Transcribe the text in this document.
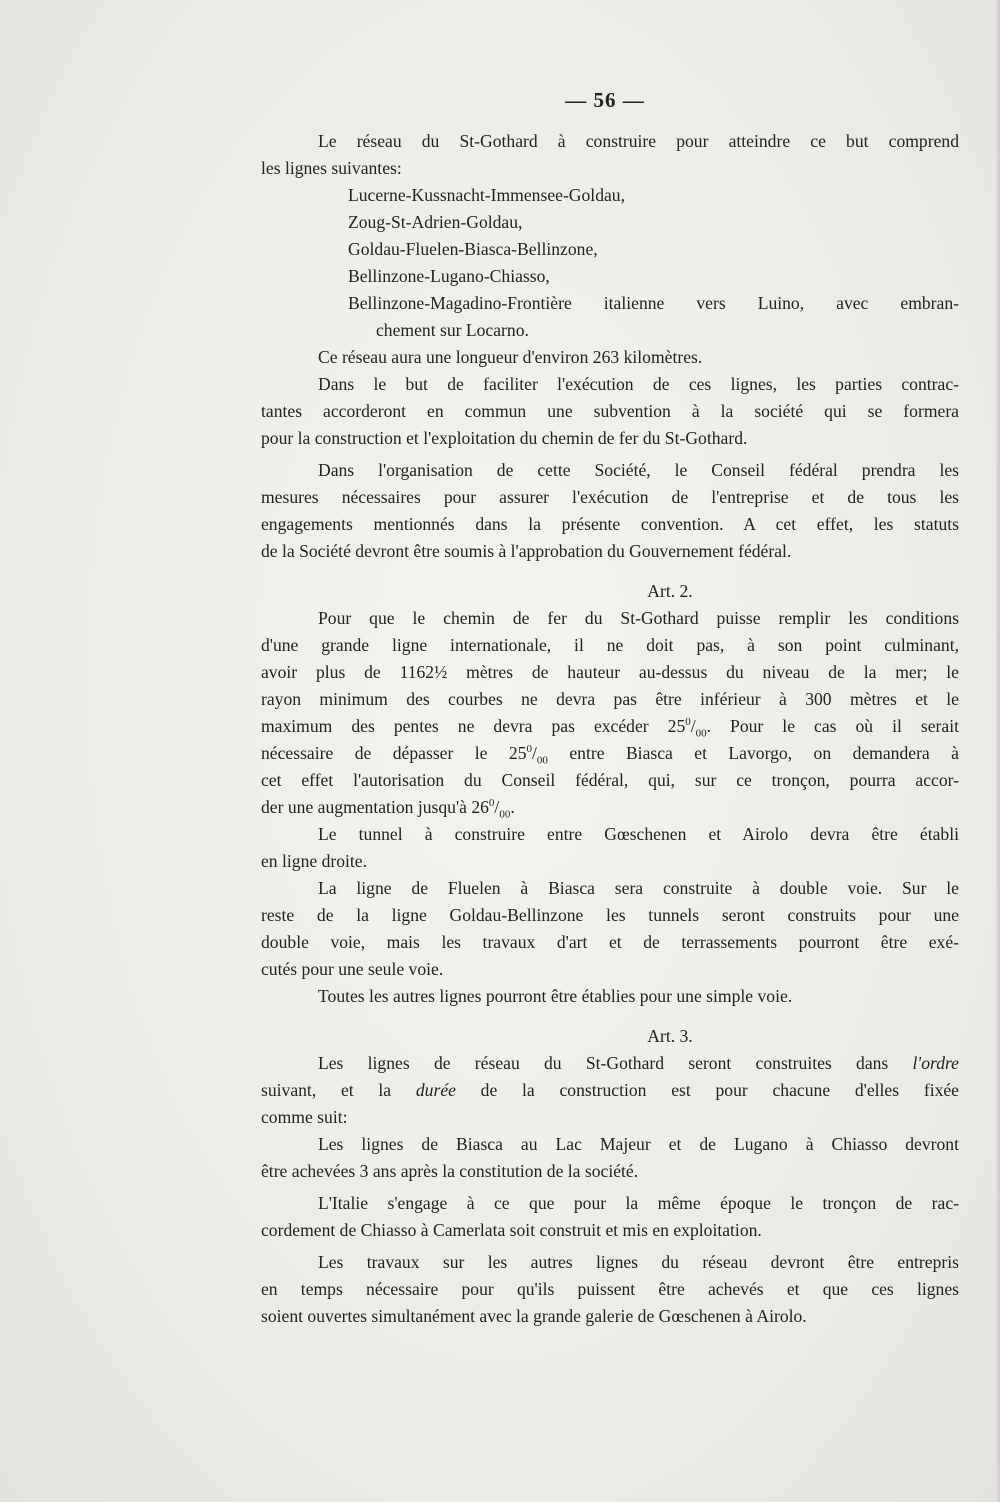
— 56 —

Le réseau du St-Gothard à construire pour atteindre ce but comprend

les lignes suivantes:

Lucerne-Kussnacht-Immensee-Goldau,

Zoug-St-Adrien-Goldau,

Goldau-Fluelen-Biasca-Bellinzone,

Bellinzone-Lugano-Chiasso,

Bellinzone-Magadino-Frontière italienne vers Luino, avec embran-

chement sur Locarno.

Ce réseau aura une longueur d'environ 263 kilomètres.

Dans le but de faciliter l'exécution de ces lignes, les parties contrac-

tantes accorderont en commun une subvention à la société qui se formera

pour la construction et l'exploitation du chemin de fer du St-Gothard.

Dans l'organisation de cette Société, le Conseil fédéral prendra les

mesures nécessaires pour assurer l'exécution de l'entreprise et de tous les

engagements mentionnés dans la présente convention. A cet effet, les statuts

de la Société devront être soumis à l'approbation du Gouvernement fédéral.

Art. 2.

Pour que le chemin de fer du St-Gothard puisse remplir les conditions

d'une grande ligne internationale, il ne doit pas, à son point culminant,

avoir plus de 1162½ mètres de hauteur au-dessus du niveau de la mer; le

rayon minimum des courbes ne devra pas être inférieur à 300 mètres et le

maximum des pentes ne devra pas excéder $25^0/_{00}$. Pour le cas où il serait

nécessaire de dépasser le $25^0/_{00}$ entre Biasca et Lavorgo, on demandera à

cet effet l'autorisation du Conseil fédéral, qui, sur ce tronçon, pourra accor-

der une augmentation jusqu'à $26^0/_{00}$.

Le tunnel à construire entre Gœschenen et Airolo devra être établi

en ligne droite.

La ligne de Fluelen à Biasca sera construite à double voie. Sur le

reste de la ligne Goldau-Bellinzone les tunnels seront construits pour une

double voie, mais les travaux d'art et de terrassements pourront être exé-

cutés pour une seule voie.

Toutes les autres lignes pourront être établies pour une simple voie.

Art. 3.

Les lignes de réseau du St-Gothard seront construites dans l'ordre

suivant, et la durée de la construction est pour chacune d'elles fixée

comme suit:

Les lignes de Biasca au Lac Majeur et de Lugano à Chiasso devront

être achevées 3 ans après la constitution de la société.

L'Italie s'engage à ce que pour la même époque le tronçon de rac-

cordement de Chiasso à Camerlata soit construit et mis en exploitation.

Les travaux sur les autres lignes du réseau devront être entrepris

en temps nécessaire pour qu'ils puissent être achevés et que ces lignes

soient ouvertes simultanément avec la grande galerie de Gœschenen à Airolo.
